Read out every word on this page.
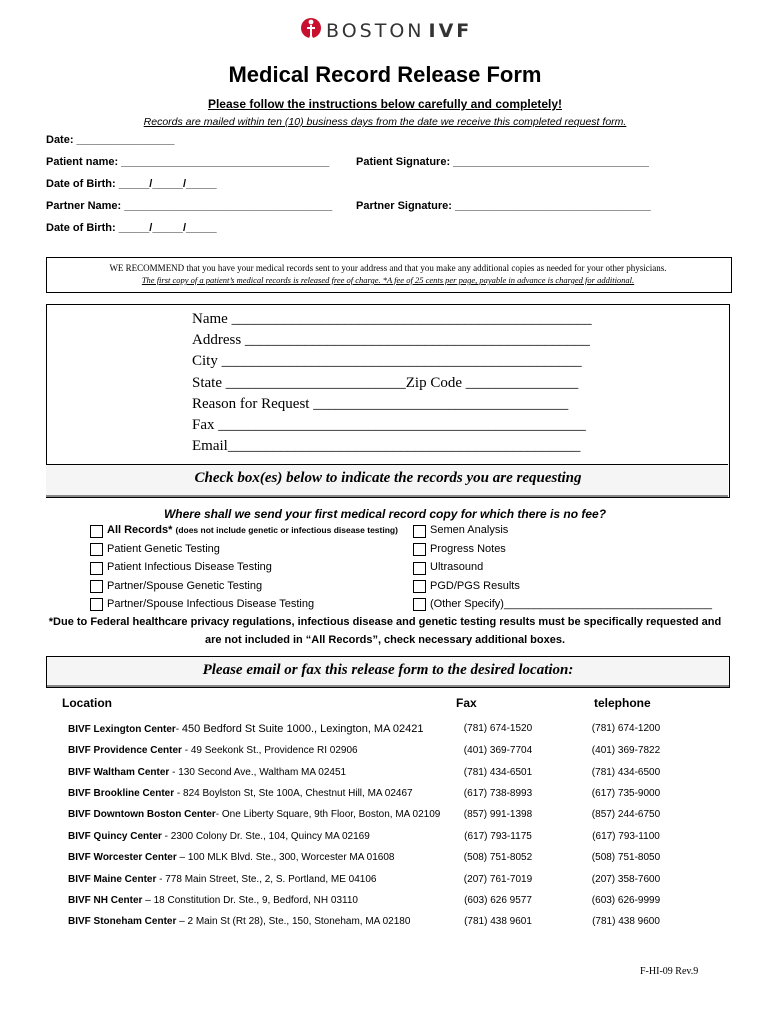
BOSTON IVF
Medical Record Release Form
Please follow the instructions below carefully and completely!
Records are mailed within ten (10) business days from the date we receive this completed request form.
Date: ________________
Patient name: __________________________________ Patient Signature: ________________________________
Date of Birth: _____/_____/_____
Partner Name: __________________________________ Partner Signature: ________________________________
Date of Birth: _____/_____/_____
WE RECOMMEND that you have your medical records sent to your address and that you make any additional copies as needed for your other physicians.
The first copy of a patient’s medical records is released free of charge. *A fee of 25 cents per page, payable in advance is charged for additional.
Name ________________________________________________
Address ______________________________________________
City ________________________________________________
State ________________________Zip Code _______________
Reason for Request __________________________________
Fax _________________________________________________
Email_______________________________________________
Check box(es) below to indicate the records you are requesting
Where shall we send your first medical record copy for which there is no fee?
All Records* (does not include genetic or infectious disease testing)
Patient Genetic Testing
Patient Infectious Disease Testing
Partner/Spouse Genetic Testing
Partner/Spouse Infectious Disease Testing
Semen Analysis
Progress Notes
Ultrasound
PGD/PGS Results
(Other Specify)__________________________________
*Due to Federal healthcare privacy regulations, infectious disease and genetic testing results must be specifically requested and
are not included in “All Records”, check necessary additional boxes.
Please email or fax this release form to the desired location:
Location	Fax	telephone
BIVF Lexington Center- 450 Bedford St Suite 1000., Lexington, MA 02421	(781) 674-1520	(781) 674-1200
BIVF Providence Center - 49 Seekonk St., Providence RI 02906	(401) 369-7704	(401) 369-7822
BIVF Waltham Center - 130 Second Ave., Waltham MA 02451	(781) 434-6501	(781) 434-6500
BIVF Brookline Center - 824 Boylston St, Ste 100A, Chestnut Hill, MA 02467	(617) 738-8993	(617) 735-9000
BIVF Downtown Boston Center- One Liberty Square, 9th Floor, Boston, MA 02109	(857) 991-1398	(857) 244-6750
BIVF Quincy Center - 2300 Colony Dr. Ste., 104, Quincy MA 02169	(617) 793-1175	(617) 793-1100
BIVF Worcester Center – 100 MLK Blvd. Ste., 300, Worcester MA 01608	(508) 751-8052	(508) 751-8050
BIVF Maine Center - 778 Main Street, Ste., 2, S. Portland, ME 04106	(207) 761-7019	(207) 358-7600
BIVF NH Center – 18 Constitution Dr. Ste., 9, Bedford, NH 03110	(603) 626 9577	(603) 626-9999
BIVF Stoneham Center – 2 Main St (Rt 28), Ste., 150, Stoneham, MA 02180	(781) 438 9601	(781) 438 9600
F-HI-09 Rev.9
